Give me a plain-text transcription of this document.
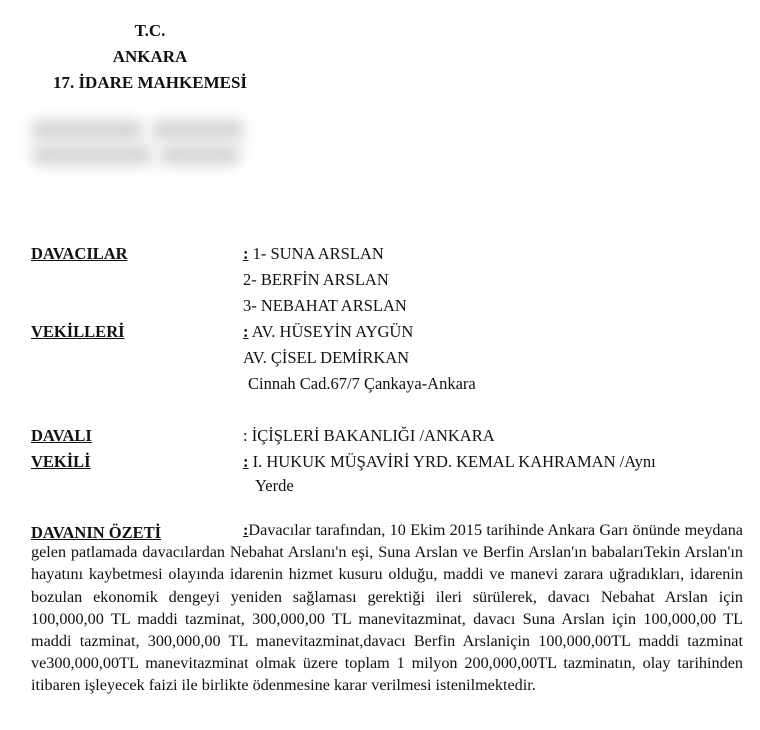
T.C.
ANKARA
17. İDARE MAHKEMESİ
DAVACILAR	: 1- SUNA ARSLAN
2- BERFİN ARSLAN
3- NEBAHAT ARSLAN
VEKİLLERİ	: AV. HÜSEYİN AYGÜN
AV. ÇİSEL DEMİRKAN
Cinnah Cad.67/7 Çankaya-Ankara
DAVALI	: İÇİŞLERİ BAKANLIĞI /ANKARA
VEKİLİ	: I. HUKUK MÜŞAVİRİ YRD. KEMAL KAHRAMAN /Aynı
Yerde
DAVANIN ÖZETİ	:Davacılar tarafından, 10 Ekim 2015 tarihinde Ankara Garı önünde meydana gelen patlamada davacılardan Nebahat Arslanı'n eşi, Suna Arslan ve Berfin Arslan'ın babalarıTekin Arslan'ın hayatını kaybetmesi olayında idarenin hizmet kusuru olduğu, maddi ve manevi zarara uğradıkları, idarenin bozulan ekonomik dengeyi yeniden sağlaması gerektiği ileri sürülerek, davacı Nebahat Arslan için 100,000,00 TL maddi tazminat, 300,000,00 TL manevitazminat, davacı Suna Arslan için 100,000,00 TL maddi tazminat, 300,000,00 TL manevitazminat,davacı Berfin Arslaniçin 100,000,00TL maddi tazminat ve300,000,00TL manevitazminat olmak üzere toplam 1 milyon 200,000,00TL tazminatın, olay tarihinden itibaren işleyecek faizi ile birlikte ödenmesine karar verilmesi istenilmektedir.
